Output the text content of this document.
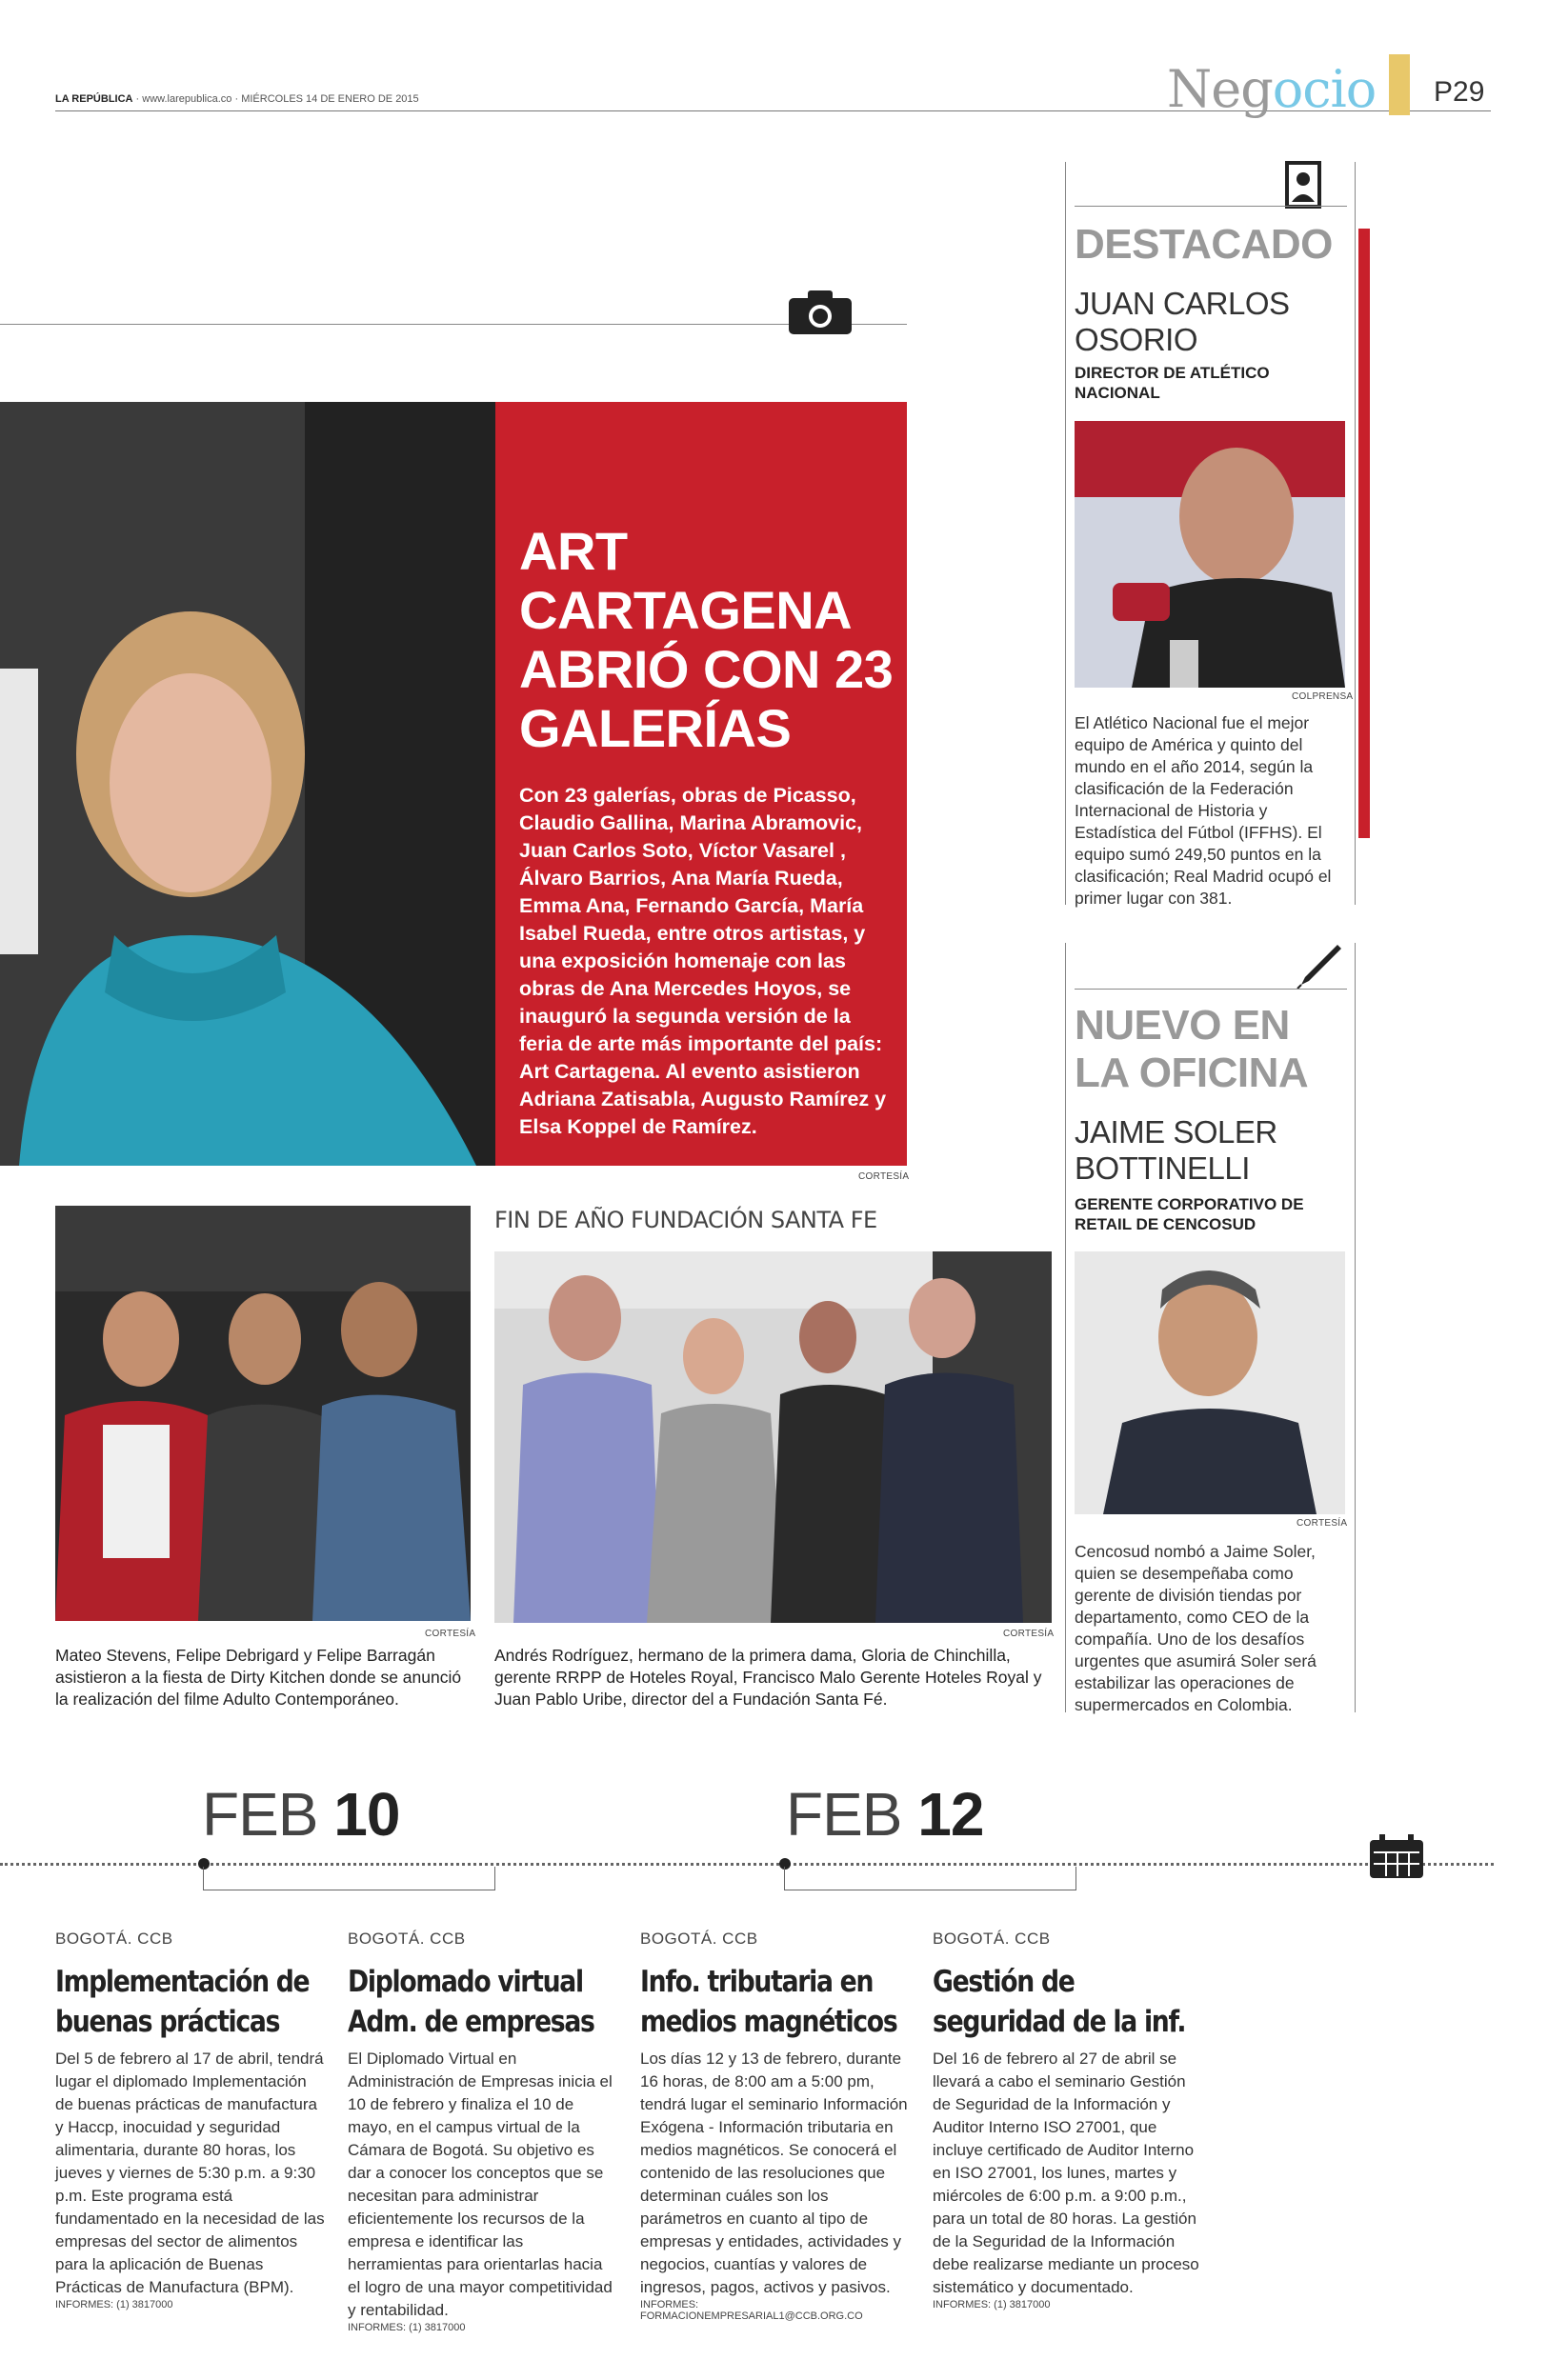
LA REPÚBLICA · www.larepublica.co · MIÉRCOLES 14 DE ENERO DE 2015	Negocio P29
ART CARTAGENA ABRIÓ CON 23 GALERÍAS
Con 23 galerías, obras de Picasso, Claudio Gallina, Marina Abramovic, Juan Carlos Soto, Víctor Vasarel , Álvaro Barrios, Ana María Rueda, Emma Ana, Fernando García, María Isabel Rueda, entre otros artistas, y una exposición homenaje con las obras de Ana Mercedes Hoyos, se inauguró la segunda versión de la feria de arte más importante del país: Art Cartagena. Al evento asistieron Adriana Zatisabla, Augusto Ramírez y Elsa Koppel de Ramírez.
CORTESÍA
CORTESÍA
Mateo Stevens, Felipe Debrigard y Felipe Barragán asistieron a la fiesta de Dirty Kitchen donde se anunció la realización del filme Adulto Contemporáneo.
FIN DE AÑO FUNDACIÓN SANTA FE
CORTESÍA
Andrés Rodríguez, hermano de la primera dama, Gloria de Chinchilla, gerente RRPP de Hoteles Royal, Francisco Malo Gerente Hoteles Royal y Juan Pablo Uribe, director del a Fundación Santa Fé.
DESTACADO
JUAN CARLOS OSORIO
DIRECTOR DE ATLÉTICO NACIONAL
COLPRENSA
El Atlético Nacional fue el mejor equipo de América y quinto del mundo en el año 2014, según la clasificación de la Federación Internacional de Historia y Estadística del Fútbol (IFFHS). El equipo sumó 249,50 puntos en la clasificación; Real Madrid ocupó el primer lugar con 381.
NUEVO EN LA OFICINA
JAIME SOLER BOTTINELLI
GERENTE CORPORATIVO DE RETAIL DE CENCOSUD
CORTESÍA
Cencosud nombó a Jaime Soler, quien se desempeñaba como gerente de división tiendas por departamento, como CEO de la compañía. Uno de los desafíos urgentes que asumirá Soler será estabilizar las operaciones de supermercados en Colombia.
FEB 10	FEB 12
BOGOTÁ. CCB
Implementación de
buenas prácticas
Del 5 de febrero al 17 de abril, tendrá lugar el diplomado Implementación de buenas prácticas de manufactura y Haccp, inocuidad y seguridad alimentaria, durante 80 horas, los jueves y viernes de 5:30 p.m. a 9:30 p.m. Este programa está fundamentado en la necesidad de las empresas del sector de alimentos para la aplicación de Buenas Prácticas de Manufactura (BPM).
INFORMES: (1) 3817000
BOGOTÁ. CCB
Diplomado virtual
Adm. de empresas
El Diplomado Virtual en Administración de Empresas inicia el 10 de febrero y finaliza el 10 de mayo, en el campus virtual de la Cámara de Bogotá. Su objetivo es dar a conocer los conceptos que se necesitan para administrar eficientemente los recursos de la empresa e identificar las herramientas para orientarlas hacia el logro de una mayor competitividad y rentabilidad.
INFORMES: (1) 3817000
BOGOTÁ. CCB
Info. tributaria en
medios magnéticos
Los días 12 y 13 de febrero, durante 16 horas, de 8:00 am a 5:00 pm, tendrá lugar el seminario Información Exógena - Información tributaria en medios magnéticos. Se conocerá el contenido de las resoluciones que determinan cuáles son los parámetros en cuanto al tipo de empresas y entidades, actividades y negocios, cuantías y valores de ingresos, pagos, activos y pasivos.
INFORMES: FORMACIONEMPRESARIAL1@CCB.ORG.CO
BOGOTÁ. CCB
Gestión de
seguridad de la inf.
Del 16 de febrero al 27 de abril se llevará a cabo el seminario Gestión de Seguridad de la Información y Auditor Interno ISO 27001, que incluye certificado de Auditor Interno en ISO 27001, los lunes, martes y miércoles de 6:00 p.m. a 9:00 p.m., para un total de 80 horas. La gestión de la Seguridad de la Información debe realizarse mediante un proceso sistemático y documentado.
INFORMES: (1) 3817000
